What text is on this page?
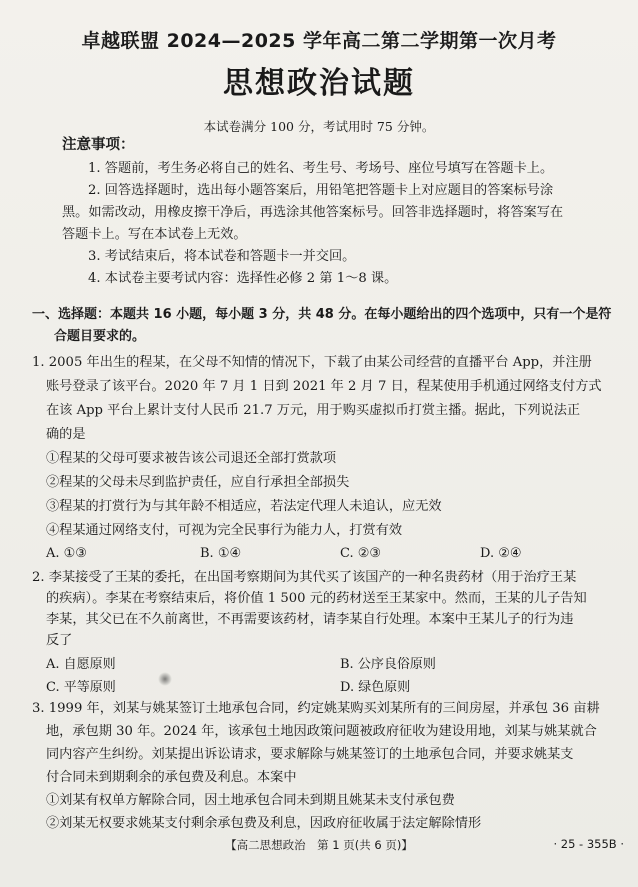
卓越联盟 2024—2025 学年高二第二学期第一次月考
思想政治试题
本试卷满分 100 分，考试用时 75 分钟。
注意事项：
1. 答题前，考生务必将自己的姓名、考生号、考场号、座位号填写在答题卡上。
2. 回答选择题时，选出每小题答案后，用铅笔把答题卡上对应题目的答案标号涂
黑。如需改动，用橡皮擦干净后，再选涂其他答案标号。回答非选择题时，将答案写在
答题卡上。写在本试卷上无效。
3. 考试结束后，将本试卷和答题卡一并交回。
4. 本试卷主要考试内容：选择性必修 2 第 1～8 课。
一、选择题：本题共 16 小题，每小题 3 分，共 48 分。在每小题给出的四个选项中，只有一个是符
合题目要求的。
1. 2005 年出生的程某，在父母不知情的情况下，下载了由某公司经营的直播平台 App，并注册
账号登录了该平台。2020 年 7 月 1 日到 2021 年 2 月 7 日，程某使用手机通过网络支付方式
在该 App 平台上累计支付人民币 21.7 万元，用于购买虚拟币打赏主播。据此，下列说法正
确的是
①程某的父母可要求被告该公司退还全部打赏款项
②程某的父母未尽到监护责任，应自行承担全部损失
③程某的打赏行为与其年龄不相适应，若法定代理人未追认，应无效
④程某通过网络支付，可视为完全民事行为能力人，打赏有效
A. ①③	B. ①④	C. ②③	D. ②④
2. 李某接受了王某的委托，在出国考察期间为其代买了该国产的一种名贵药材（用于治疗王某
的疾病）。李某在考察结束后，将价值 1 500 元的药材送至王某家中。然而，王某的儿子告知
李某，其父已在不久前离世，不再需要该药材，请李某自行处理。本案中王某儿子的行为违
反了
A. 自愿原则	B. 公序良俗原则
C. 平等原则	D. 绿色原则
3. 1999 年，刘某与姚某签订土地承包合同，约定姚某购买刘某所有的三间房屋，并承包 36 亩耕
地，承包期 30 年。2024 年，该承包土地因政策问题被政府征收为建设用地，刘某与姚某就合
同内容产生纠纷。刘某提出诉讼请求，要求解除与姚某签订的土地承包合同，并要求姚某支
付合同未到期剩余的承包费及利息。本案中
①刘某有权单方解除合同，因土地承包合同未到期且姚某未支付承包费
【高二思想政治　第 1 页(共 6 页)】	· 25 - 355B ·
②刘某无权要求姚某支付剩余承包费及利息，因政府征收属于法定解除情形
